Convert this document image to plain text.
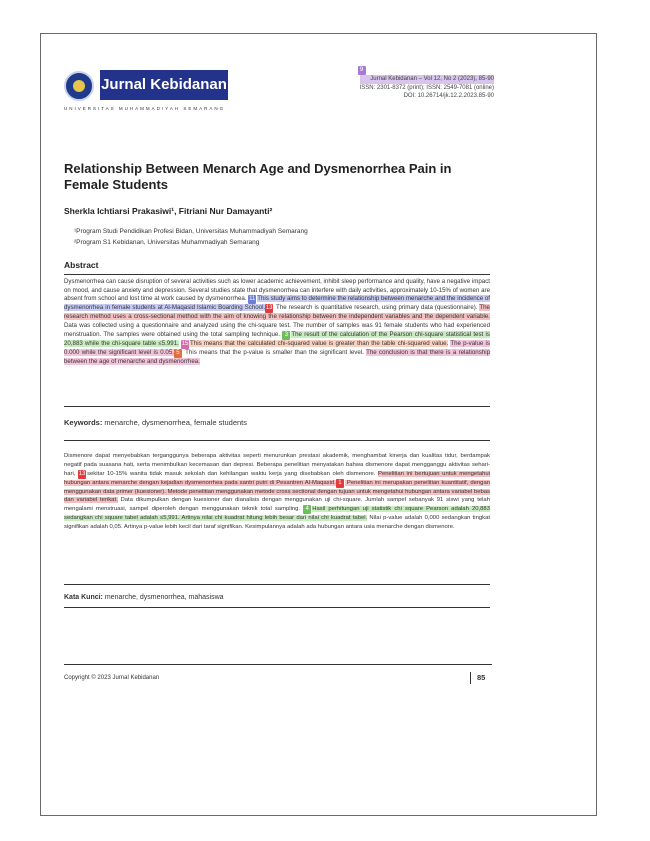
Jurnal Kebidanan
UNIVERSITAS MUHAMMADIYAH SEMARANG
9
Jurnal Kebidanan – Vol 12, No 2 (2023), 85-90
ISSN: 2301-8372 (print); ISSN: 2549-7081 (online)
DOI: 10.26714/jk.12.2.2023.85-90
Relationship Between Menarch Age and Dysmenorrhea Pain in Female Students
Sherkla Ichtiarsi Prakasiwi¹, Fitriani Nur Damayanti²
¹Program Studi Pendidikan Profesi Bidan, Universitas Muhammadiyah Semarang
²Program S1 Kebidanan, Universitas Muhammadiyah Semarang
Abstract
Dysmenorrhea can cause disruption of several activities such as lower academic achievement, inhibit sleep performance and quality, have a negative impact on mood, and cause anxiety and depression. Several studies state that dysmenorrhea can interfere with daily activities, approximately 10-15% of women are absent from school and lost time at work caused by dysmenorrhea. 11 This study aims to determine the relationship between menarche and the incidence of dysmenorrhea in female students at Al-Maqasid Islamic Boarding School.13 The research is quantitative research, using primary data (questionnaire). The research method uses a cross-sectional method with the aim of knowing the relationship between the independent variables and the dependent variable. Data was collected using a questionnaire and analyzed using the chi-square test. The number of samples was 91 female students who had experienced menstruation. The samples were obtained using the total sampling technique. 3 The result of the calculation of the Pearson chi-square statistical test is 20,883 while the chi-square table ≤5.991. 15 This means that the calculated chi-squared value is greater than the table chi-squared value. The p-value is 0.000 while the significant level is 0.05. 5 This means that the p-value is smaller than the significant level. The conclusion is that there is a relationship between the age of menarche and dysmenorrhea.
Keywords: menarche, dysmenorrhea, female students
Dismenore dapat menyebabkan terganggunya beberapa aktivitas seperti menurunkan prestasi akademik, menghambat kinerja dan kualitas tidur, berdampak negatif pada suasana hati, serta menimbulkan kecemasan dan depresi. Beberapa penelitian menyatakan bahwa dismenore dapat mengganggu aktivitas sehari-hari, 13 sekitar 10-15% wanita tidak masuk sekolah dan kehilangan waktu kerja yang disebabkan oleh dismenore. Penelitian ini bertujuan untuk mengetahui hubungan antara menarche dengan kejadian dysmenorrhea pada santri putri di Pesantren Al-Maqasid. 1 Penelitian ini merupakan penelitian kuantitatif, dengan menggunakan data primer (kuesioner). Metode penelitian menggunakan metode cross sectional dengan tujuan untuk mengetahui hubungan antara variabel bebas dan variabel terikat. Data dikumpulkan dengan kuesioner dan dianalisis dengan menggunakan uji chi-square. Jumlah sampel sebanyak 91 siswi yang telah mengalami menstruasi, sampel diperoleh dengan menggunakan teknik total sampling. 4 Hasil perhitungan uji statistik chi square Pearson adalah 20,883 sedangkan chi square tabel adalah ≤5,991. Artinya nilai chi kuadrat hitung lebih besar dari nilai chi kuadrat tabel. Nilai p-value adalah 0,000 sedangkan tingkat signifikan adalah 0,05. Artinya p-value lebih kecil dari taraf signifikan. Kesimpulannya adalah ada hubungan antara usia menarche dengan dismenore.
Kata Kunci: menarche, dysmenorrhea, mahasiswa
Copyright © 2023 Jurnal Kebidanan	85
